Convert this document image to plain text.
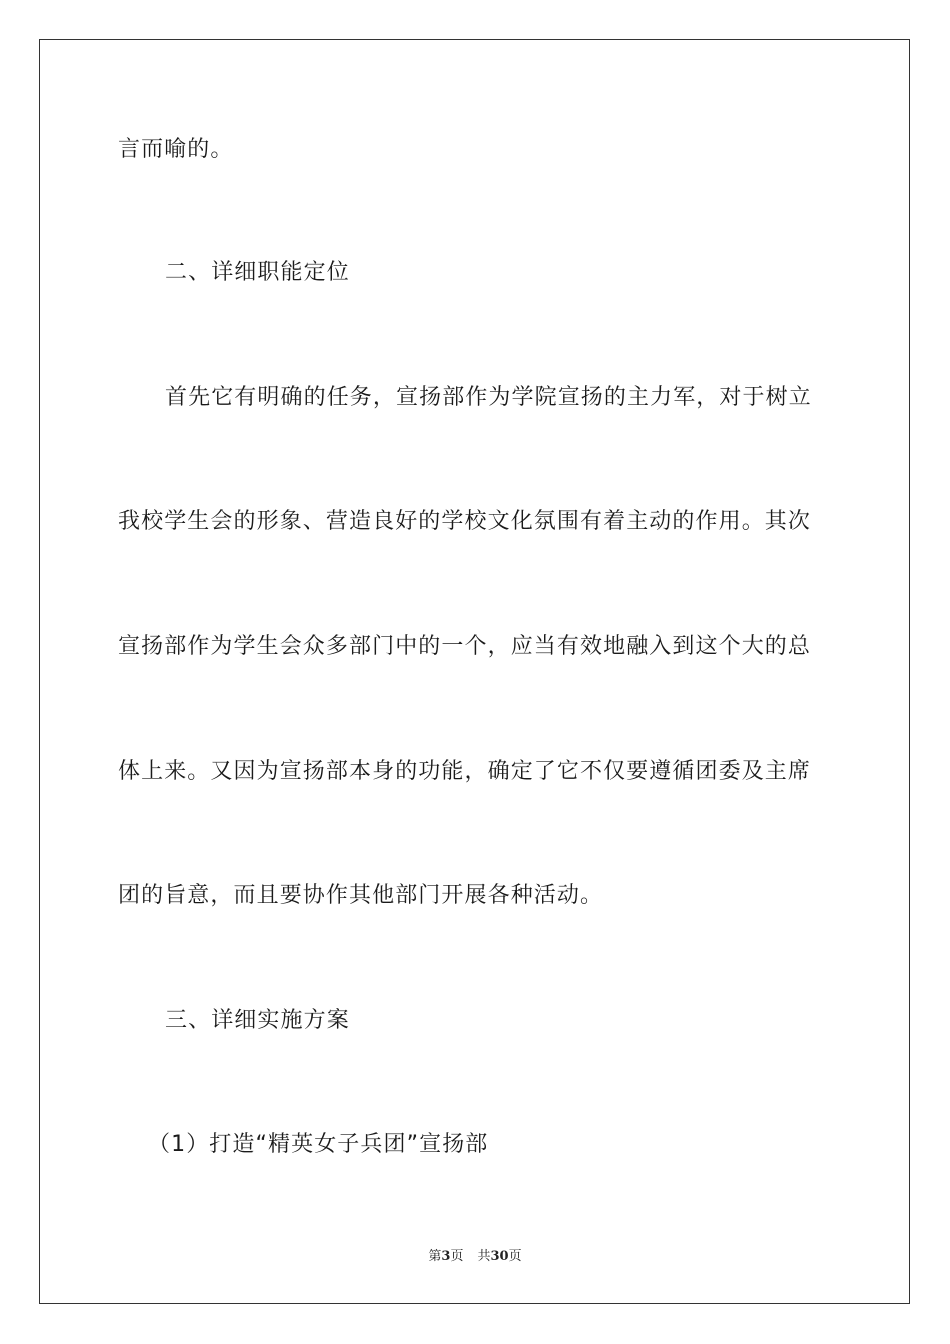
言而喻的。
二、详细职能定位
首先它有明确的任务，宣扬部作为学院宣扬的主力军，对于树立
我校学生会的形象、营造良好的学校文化氛围有着主动的作用。其次
宣扬部作为学生会众多部门中的一个，应当有效地融入到这个大的总
体上来。又因为宣扬部本身的功能，确定了它不仅要遵循团委及主席
团的旨意，而且要协作其他部门开展各种活动。
三、详细实施方案
（1）打造“精英女子兵团”宣扬部
第3页 共30页
